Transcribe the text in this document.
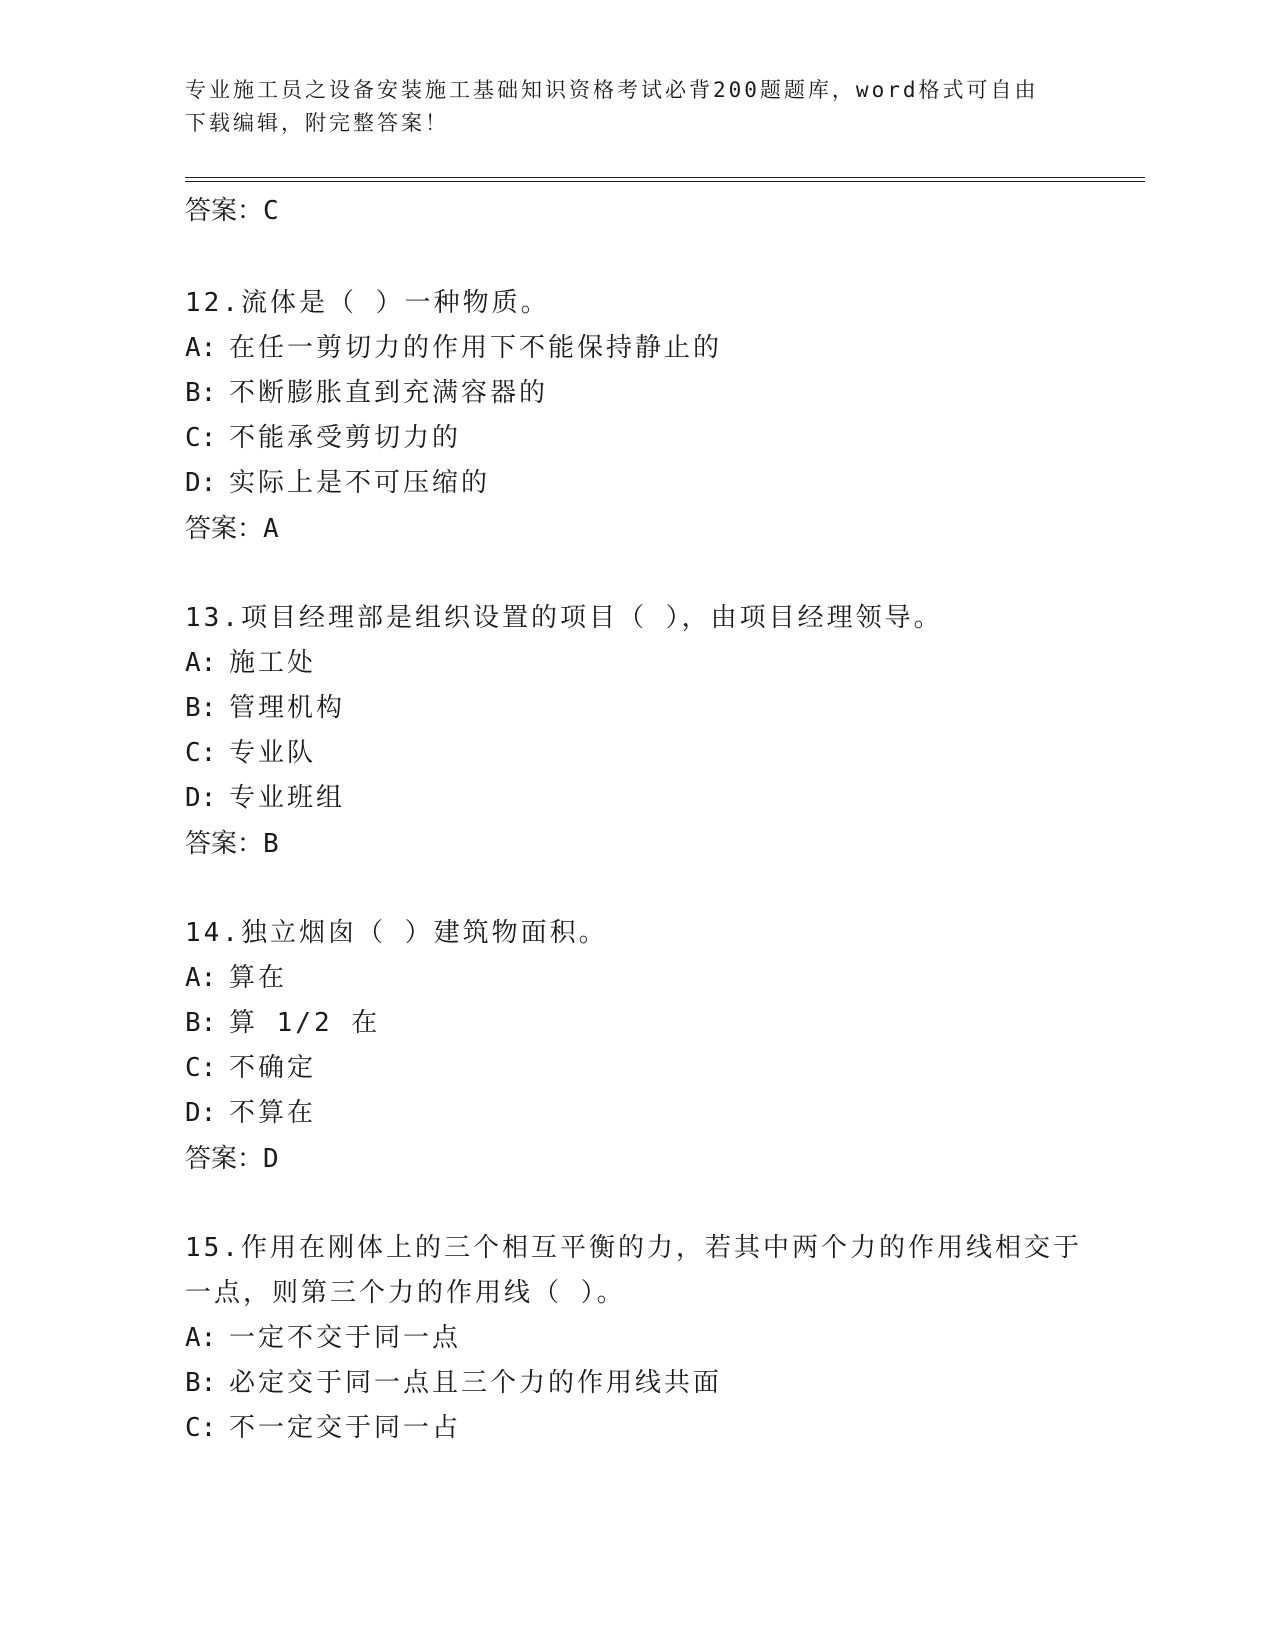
专业施工员之设备安装施工基础知识资格考试必背200题题库，word格式可自由
下载编辑，附完整答案！
答案：C
12.流体是（ ）一种物质。
A: 在任一剪切力的作用下不能保持静止的
B: 不断膨胀直到充满容器的
C: 不能承受剪切力的
D: 实际上是不可压缩的
答案：A
13.项目经理部是组织设置的项目（ ），由项目经理领导。
A: 施工处
B: 管理机构
C: 专业队
D: 专业班组
答案：B
14.独立烟囱（ ）建筑物面积。
A: 算在
B: 算 1/2 在
C: 不确定
D: 不算在
答案：D
15.作用在刚体上的三个相互平衡的力，若其中两个力的作用线相交于一点，则第三个力的作用线（ ）。
A: 一定不交于同一点
B: 必定交于同一点且三个力的作用线共面
C: 不一定交于同一占
